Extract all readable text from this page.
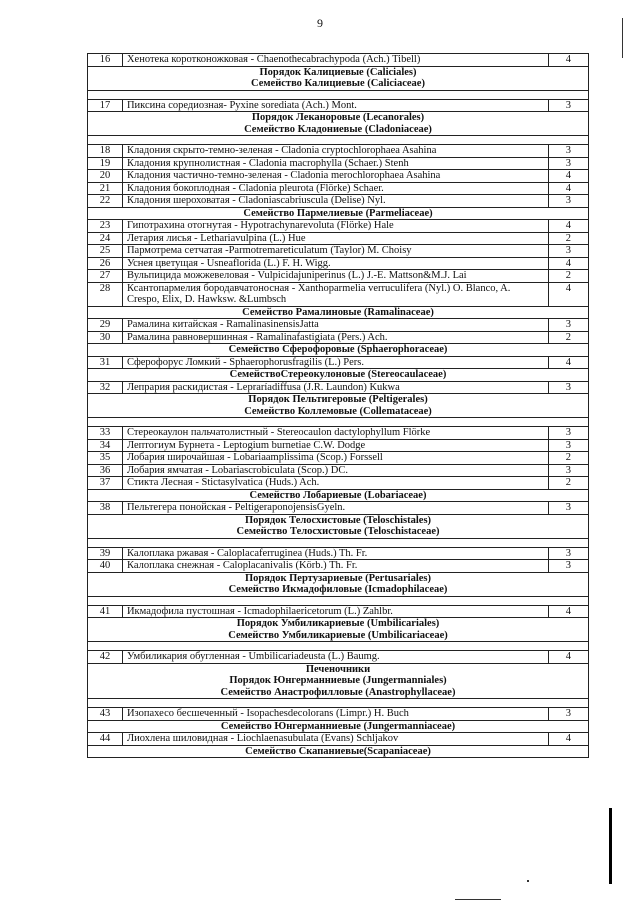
9
16	Хенотека коротконожковая - Chaenothecabrachypoda (Ach.) Tibell)	4

Порядок Калициевые (Caliciales)
Семейство Калициевые (Caliciaceae)		

17	Пиксина соредиозная- Pyxine sorediata (Ach.) Mont.	3

Порядок Леканоровые (Lecanorales)
Семейство Кладониевые (Cladoniaceae)		

18	Кладония скрыто-темно-зеленая - Cladonia cryptochlorophaea Asahina	3
19	Кладония крупнолистная - Cladonia macrophylla (Schaer.) Stenh	3
20	Кладония частично-темно-зеленая - Cladonia merochlorophaea Asahina	4
21	Кладония бокоплодная - Cladonia pleurota (Flörke) Schaer.	4
22	Кладония шероховатая - Cladoniascabriuscula (Delise) Nyl.	3

Семейство Пармелиевые (Parmeliaceae)		

23	Гипотрахина отогнутая - Hypotrachynarevoluta (Flörke) Hale	4
24	Летария лисья - Letharіavulpina (L.) Hue	2
25	Пармотрема сетчатая -Parmotremareticulatum (Taylor) M. Choisy	3
26	Уснея цветущая - Usneaflorida (L.) F. H. Wigg.	4
27	Вульпицида можжевеловая - Vulpicidajuniperinus (L.) J.-E. Mattson&M.J. Lai	2
28	Ксантопармелия бородавчатоносная - Xanthoparmelia verruculifera (Nyl.) O. Blanco, A. Crespo, Elix, D. Hawksw. &Lumbsch	4

Семейство Рамалиновые (Ramalinaceae)		

29	Рамалина китайская - RamalinasinensisJatta	3
30	Рамалина равновершинная - Ramalinafastigiata (Pers.) Ach.	2

Семейство Сферофоровые (Sphaerophoraceae)		

31	Сферофорус Ломкий - Sphaerophorusfragilis (L.) Pers.	4

СемействоСтереокулоновые (Stereocaulaceae)		

32	Лепрария раскидистая - Lepraríadiffusa (J.R. Laundon) Kukwa	3

Порядок Пельтигеровые (Peltigerales)
Семейство Коллемовые (Collemataceae)		

33	Стереокаулон пальчатолистный - Stereocaulon dactylophyllum Flörke	3
34	Лептогиум Бурнета - Leptogium burnetiae C.W. Dodge	3
35	Лобария широчайшая - Lobariaamplissima (Scop.) Forssell	2
36	Лобария ямчатая - Lobariascrobiculata (Scop.) DC.	3
37	Стикта Лесная - Stictasylvatica (Huds.) Ach.	2

Семейство Лобариевые (Lobariaceae)		

38	Пельтегера понойская - PeltigeraponojensisGyeln.	3

Порядок Телосхистовые (Teloschistales)
Семейство Телосхистовые (Teloschistaceae)		

39	Калоплака ржавая - Caloplacaferruginea (Huds.) Th. Fr.	3
40	Калоплака снежная - Caloplacanivalis (Körb.) Th. Fr.	3

Порядок Пертузариевые (Pertusariales)
Семейство Икмадофиловые (Icmadophilaceae)		

41	Икмадофила пустошная - Icmadophilaericetorum (L.) Zahlbr.	4

Порядок Умбиликариевые (Umbilicariales)
Семейство Умбиликариевые (Umbilicariaceae)		

42	Умбиликария обугленная - Umbilicariadeusta (L.) Baumg.	4

Печеночники
Порядок Юнгерманниевые (Jungermanniales)
Семейство Анастрофилловые (Anastrophyllaceae)		

43	Изопахесо бесшеченный - Isopachesdecolorans (Limpr.) H. Buch	3

Семейство Юнгерманниевые (Jungermanniaceae)		

44	Лиохлена шиловидная - Liochlaenasubulata (Evans) Schljakov	4

Семейство Скапаниевые(Scapaniaceae)		
